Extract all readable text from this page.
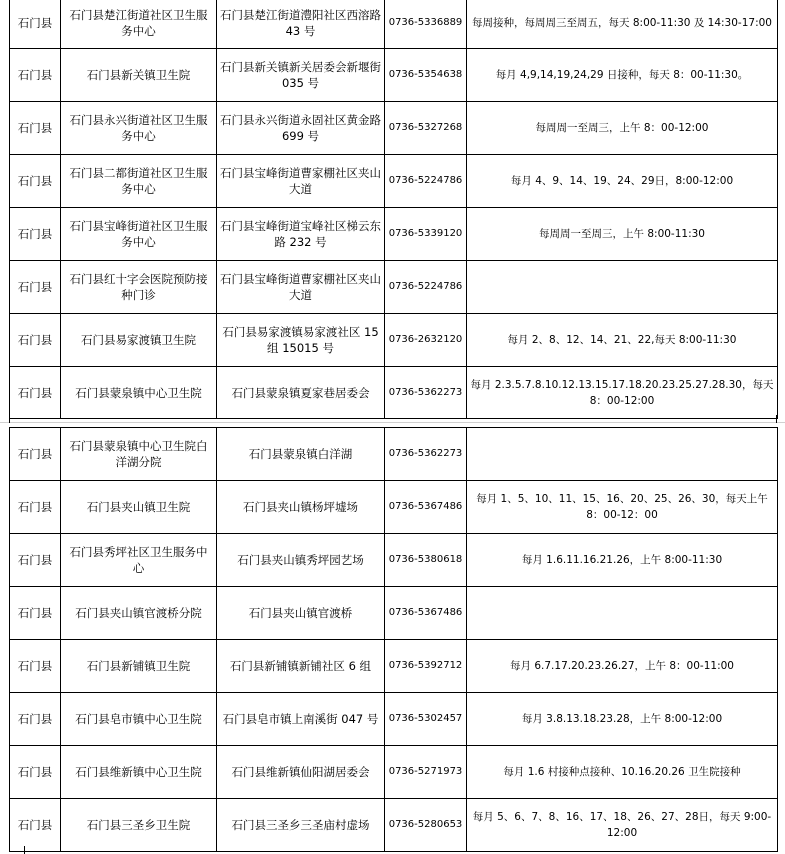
石门县	石门县楚江街道社区卫生服务中心	石门县楚江街道澧阳社区西溶路 43 号	0736-5336889	每周接种，每周周三至周五，每天 8:00-11:30 及 14:30-17:00
石门县	石门县新关镇卫生院	石门县新关镇新关居委会新堰街 035 号	0736-5354638	每月 4,9,14,19,24,29 日接种，每天 8：00-11:30。
石门县	石门县永兴街道社区卫生服务中心	石门县永兴街道永固社区黄金路 699 号	0736-5327268	每周周一至周三，上午 8：00-12:00
石门县	石门县二都街道社区卫生服务中心	石门县宝峰街道曹家棚社区夹山大道	0736-5224786	每月 4、9、14、19、24、29日，8:00-12:00
石门县	石门县宝峰街道社区卫生服务中心	石门县宝峰街道宝峰社区梯云东路 232 号	0736-5339120	每周周一至周三，上午 8:00-11:30
石门县	石门县红十字会医院预防接种门诊	石门县宝峰街道曹家棚社区夹山大道	0736-5224786	
石门县	石门县易家渡镇卫生院	石门县易家渡镇易家渡社区 15 组 15015 号	0736-2632120	每月 2、8、12、14、21、22,每天 8:00-11:30
石门县	石门县蒙泉镇中心卫生院	石门县蒙泉镇夏家巷居委会	0736-5362273	每月 2.3.5.7.8.10.12.13.15.17.18.20.23.25.27.28.30，每天 8：00-12:00
石门县	石门县蒙泉镇中心卫生院白洋湖分院	石门县蒙泉镇白洋湖	0736-5362273	
石门县	石门县夹山镇卫生院	石门县夹山镇杨坪墟场	0736-5367486	每月 1、5、10、11、15、16、20、25、26、30，每天上午 8：00-12：00
石门县	石门县秀坪社区卫生服务中心	石门县夹山镇秀坪园艺场	0736-5380618	每月 1.6.11.16.21.26，上午 8:00-11:30
石门县	石门县夹山镇官渡桥分院	石门县夹山镇官渡桥	0736-5367486	
石门县	石门县新铺镇卫生院	石门县新铺镇新铺社区 6 组	0736-5392712	每月 6.7.17.20.23.26.27，上午 8：00-11:00
石门县	石门县皂市镇中心卫生院	石门县皂市镇上南溪街 047 号	0736-5302457	每月 3.8.13.18.23.28，上午 8:00-12:00
石门县	石门县维新镇中心卫生院	石门县维新镇仙阳湖居委会	0736-5271973	每月 1.6 村接种点接种、10.16.20.26 卫生院接种
石门县	石门县三圣乡卫生院	石门县三圣乡三圣庙村虚场	0736-5280653	每月 5、6、7、8、16、17、18、26、27、28日，每天 9:00-12:00
